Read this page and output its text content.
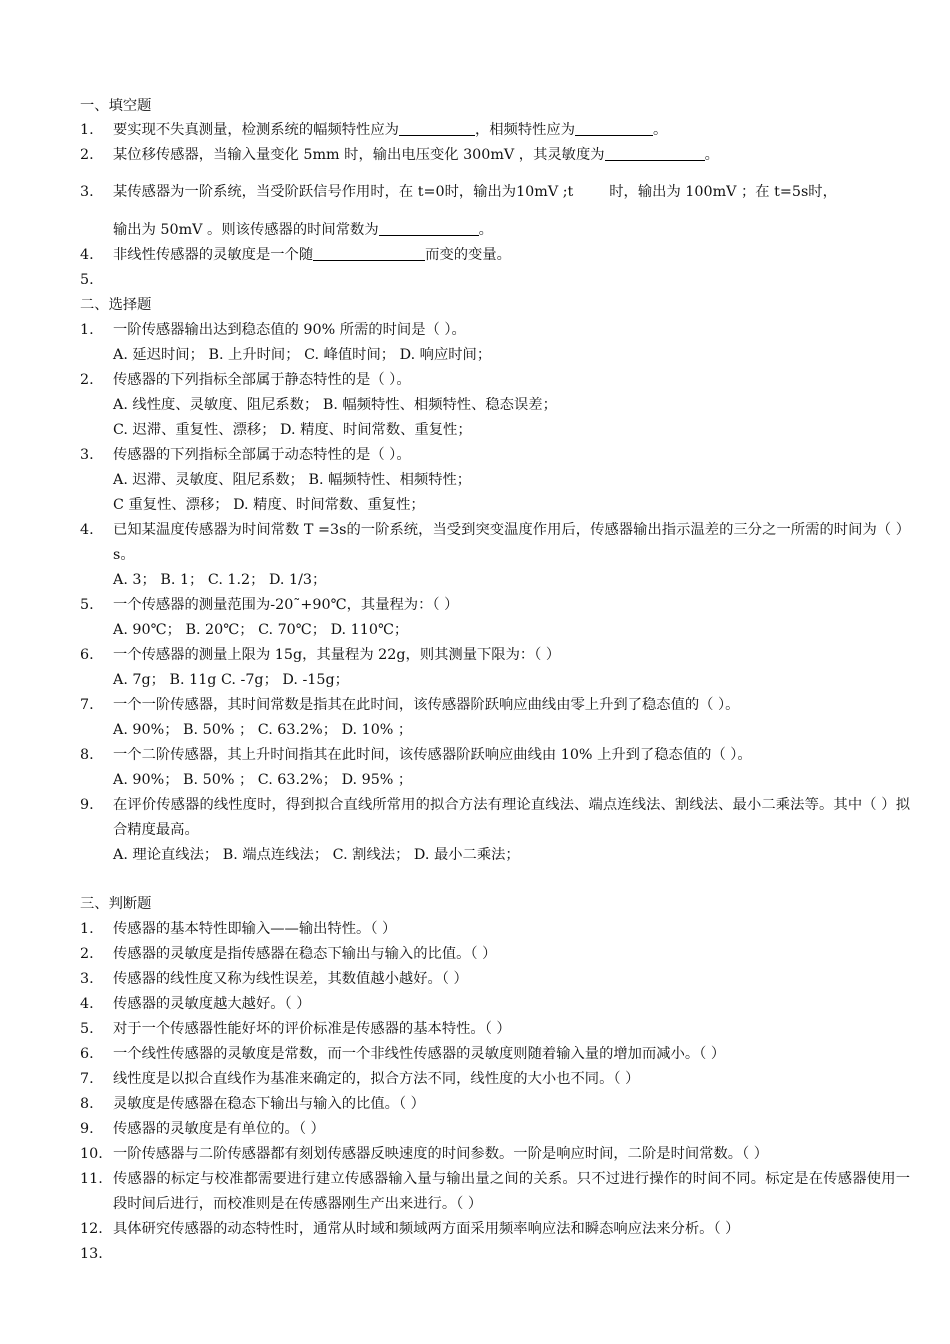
一、填空题
1.	要实现不失真测量，检测系统的幅频特性应为	，相频特性应为	。
2.	某位移传感器，当输入量变化 5mm 时，输出电压变化 300mV ，其灵敏度为	。
3.	某传感器为一阶系统，当受阶跃信号作用时，在 t=0时，输出为10mV ;t	时，输出为 100mV ；在 t=5s时，
输出为 50mV 。则该传感器的时间常数为	。
4.	非线性传感器的灵敏度是一个随	而变的变量。
5.
二、选择题
1.	一阶传感器输出达到稳态值的 90% 所需的时间是（ ）。
A. 延迟时间； B. 上升时间； C. 峰值时间； D. 响应时间；
2.	传感器的下列指标全部属于静态特性的是（ ）。
A. 线性度、灵敏度、阻尼系数； B. 幅频特性、相频特性、稳态误差；
C. 迟滞、重复性、漂移； D. 精度、时间常数、重复性；
3.	传感器的下列指标全部属于动态特性的是（ ）。
A. 迟滞、灵敏度、阻尼系数； B. 幅频特性、相频特性；
C 重复性、漂移； D. 精度、时间常数、重复性；
4.	已知某温度传感器为时间常数 T =3s的一阶系统，当受到突变温度作用后，传感器输出指示温差的三分之一所需的时间为（ ）s。
A. 3； B. 1； C. 1.2； D. 1/3；
5.	一个传感器的测量范围为-20˜+90℃，其量程为：（ ）
A. 90℃； B. 20℃； C. 70℃； D. 110℃；
6.	一个传感器的测量上限为 15g，其量程为 22g，则其测量下限为：（ ）
A. 7g； B. 11g C. -7g； D. -15g；
7.	一个一阶传感器，其时间常数是指其在此时间，该传感器阶跃响应曲线由零上升到了稳态值的（ ）。
A. 90%； B. 50% ； C. 63.2%； D. 10% ；
8.	一个二阶传感器，其上升时间指其在此时间，该传感器阶跃响应曲线由 10% 上升到了稳态值的（ ）。
A. 90%； B. 50% ； C. 63.2%； D. 95% ；
9.	在评价传感器的线性度时，得到拟合直线所常用的拟合方法有理论直线法、端点连线法、割线法、最小二乘法等。其中（ ）拟合精度最高。
A. 理论直线法； B. 端点连线法； C. 割线法； D. 最小二乘法；
三、判断题
1.	传感器的基本特性即输入——输出特性。（ ）
2.	传感器的灵敏度是指传感器在稳态下输出与输入的比值。（ ）
3.	传感器的线性度又称为线性误差，其数值越小越好。（ ）
4.	传感器的灵敏度越大越好。（ ）
5.	对于一个传感器性能好坏的评价标准是传感器的基本特性。（ ）
6.	一个线性传感器的灵敏度是常数，而一个非线性传感器的灵敏度则随着输入量的增加而减小。（ ）
7.	线性度是以拟合直线作为基准来确定的，拟合方法不同，线性度的大小也不同。（ ）
8.	灵敏度是传感器在稳态下输出与输入的比值。（ ）
9.	传感器的灵敏度是有单位的。（ ）
10. 一阶传感器与二阶传感器都有刻划传感器反映速度的时间参数。一阶是响应时间，二阶是时间常数。（ ）
11. 传感器的标定与校准都需要进行建立传感器输入量与输出量之间的关系。只不过进行操作的时间不同。标定是在传感器使用一段时间后进行，而校准则是在传感器刚生产出来进行。（ ）
12. 具体研究传感器的动态特性时，通常从时域和频域两方面采用频率响应法和瞬态响应法来分析。（ ）
13.
